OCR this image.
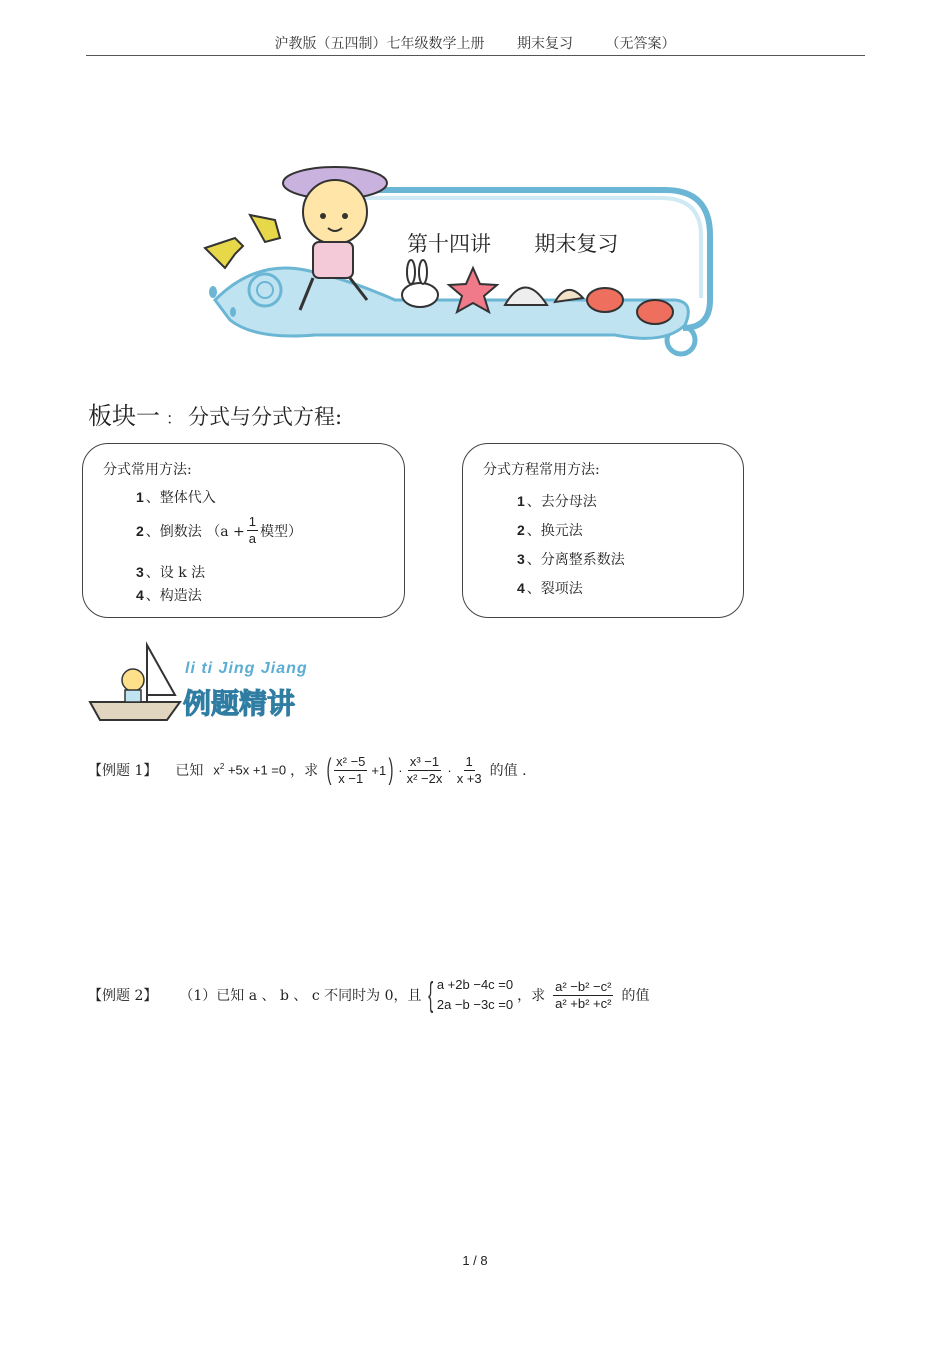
沪教版（五四制）七年级数学上册 期末复习 （无答案）
第十四讲 期末复习
板块一 ： 分式与分式方程:
分式常用方法:
1 、整体代入
2 、倒数法 （$a + \frac{1}{a}$ 模型）
3 、设 k 法
4 、构造法
分式方程常用方法:
1 、去分母法
2 、换元法
3 、分离整系数法
4 、裂项法
li ti Jing Jiang
例题精讲
【例题 1】 已知 $x^2 +5x +1 =0$ ，求 ( $\frac{\text{x² −5}}{x -1} +1$ ) · $\frac{\text{x³ −1}}{\text{x² −2x}} \cdot \frac{1}{x +3}$ 的值 .
【例题 2】 （1）已知 a 、 b 、 c 不同时为 0，且 { a +2b −4c =0
2a −b −3c =0
，求 $\frac{\text{a² −b² −c²}}{\text{a² +b² +c²}}$ 的值
1 / 8
